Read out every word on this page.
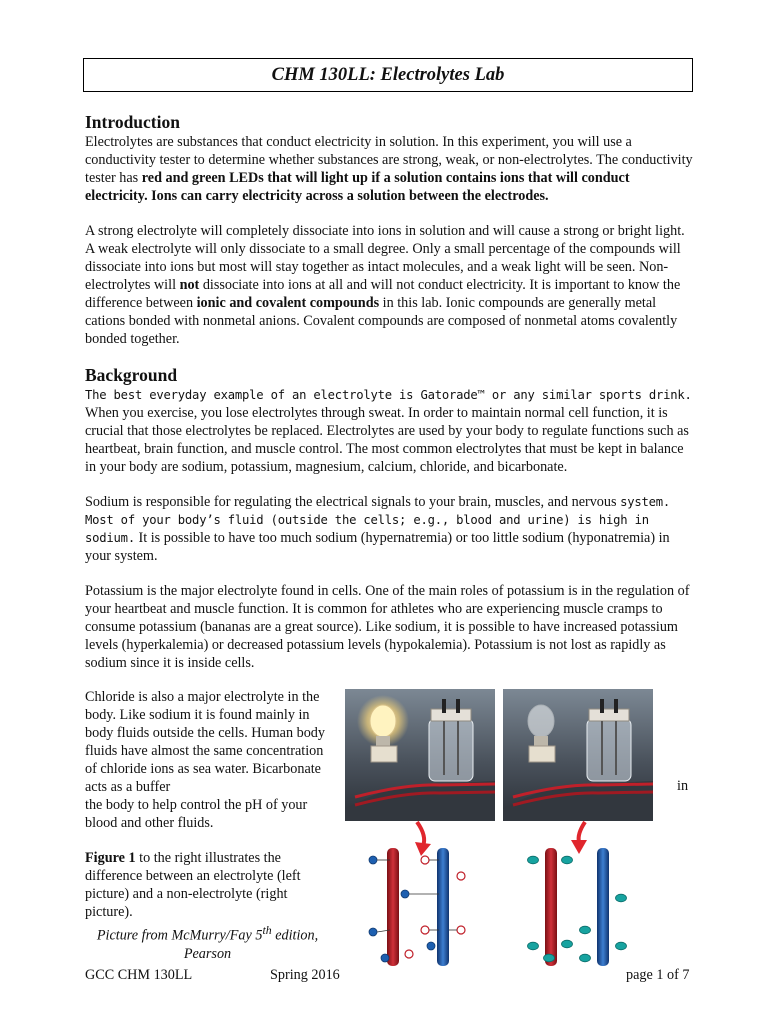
CHM 130LL: Electrolytes Lab
Introduction

Electrolytes are substances that conduct electricity in solution. In this experiment, you will use a conductivity tester to determine whether substances are strong, weak, or non-electrolytes. The conductivity tester has red and green LEDs that will light up if a solution contains ions that will conduct electricity. Ions can carry electricity across a solution between the electrodes.

A strong electrolyte will completely dissociate into ions in solution and will cause a strong or bright light. A weak electrolyte will only dissociate to a small degree. Only a small percentage of the compounds will dissociate into ions but most will stay together as intact molecules, and a weak light will be seen. Non-electrolytes will not dissociate into ions at all and will not conduct electricity. It is important to know the difference between ionic and covalent compounds in this lab. Ionic compounds are generally metal cations bonded with nonmetal anions. Covalent compounds are composed of nonmetal atoms covalently bonded together.

Background

The best everyday example of an electrolyte is Gatorade™ or any similar sports drink. When you exercise, you lose electrolytes through sweat. In order to maintain normal cell function, it is crucial that those electrolytes be replaced. Electrolytes are used by your body to regulate functions such as heartbeat, brain function, and muscle control. The most common electrolytes that must be kept in balance in your body are sodium, potassium, magnesium, calcium, chloride, and bicarbonate.

Sodium is responsible for regulating the electrical signals to your brain, muscles, and nervous system. Most of your body’s fluid (outside the cells; e.g., blood and urine) is high in sodium. It is possible to have too much sodium (hypernatremia) or too little sodium (hyponatremia) in your system.

Potassium is the major electrolyte found in cells. One of the main roles of potassium is in the regulation of your heartbeat and muscle function. It is common for athletes who are experiencing muscle cramps to consume potassium (bananas are a great source). Like sodium, it is possible to have increased potassium levels (hyperkalemia) or decreased potassium levels (hypokalemia). Potassium is not lost as rapidly as sodium since it is inside cells.

Chloride is also a major electrolyte in the body. Like sodium it is found mainly in body fluids outside the cells. Human body fluids have almost the same concentration of chloride ions as sea water. Bicarbonate acts as a buffer

the body to help control the pH of your blood and other fluids.

in

Figure 1 to the right illustrates the difference between an electrolyte (left picture) and a non-electrolyte (right picture).

Picture from McMurry/Fay 5th edition,
Pearson
GCC CHM 130LL	Spring 2016	page 1 of 7
